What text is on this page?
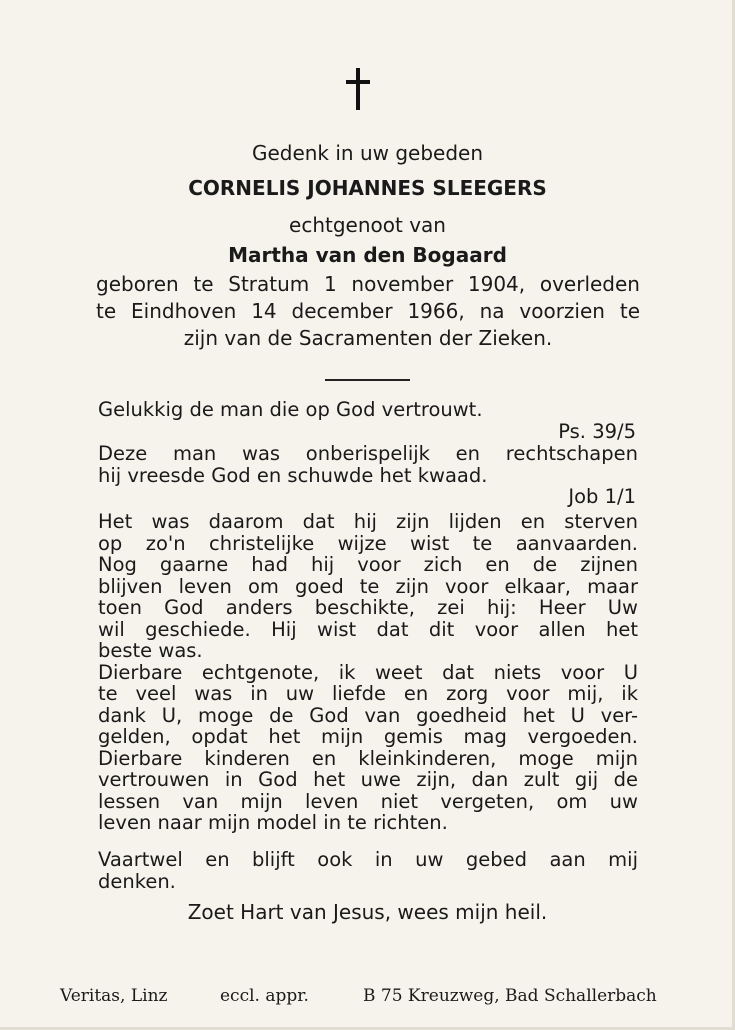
Gedenk in uw gebeden
CORNELIS JOHANNES SLEEGERS
echtgenoot van
Martha van den Bogaard
geboren te Stratum 1 november 1904, overleden
te Eindhoven 14 december 1966, na voorzien te
zijn van de Sacramenten der Zieken.
Gelukkig de man die op God vertrouwt.
Ps. 39/5
Deze man was onberispelijk en rechtschapen
hij vreesde God en schuwde het kwaad.
Job 1/1
Het was daarom dat hij zijn lijden en sterven
op zo'n christelijke wijze wist te aanvaarden.
Nog gaarne had hij voor zich en de zijnen
blijven leven om goed te zijn voor elkaar, maar
toen God anders beschikte, zei hij: Heer Uw
wil geschiede. Hij wist dat dit voor allen het
beste was.
Dierbare echtgenote, ik weet dat niets voor U
te veel was in uw liefde en zorg voor mij, ik
dank U, moge de God van goedheid het U ver-
gelden, opdat het mijn gemis mag vergoeden.
Dierbare kinderen en kleinkinderen, moge mijn
vertrouwen in God het uwe zijn, dan zult gij de
lessen van mijn leven niet vergeten, om uw
leven naar mijn model in te richten.
Vaartwel en blijft ook in uw gebed aan mij
denken.
Zoet Hart van Jesus, wees mijn heil.
Veritas, Linz	eccl. appr.	B 75 Kreuzweg, Bad Schallerbach
